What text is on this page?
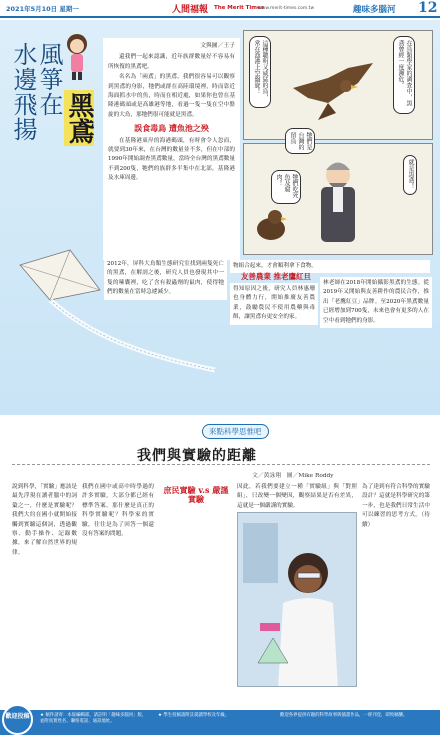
2021年5月10日 星期一	人間福報 The Merit Times
www.merit-times.com.tw	趣味多腦河 12
風箏在
水邊飛揚 黑鳶
文與圖／王子

還我們一起來認識，近年族群數量好不容易有所恢復的黑鳶吧。

名名為「兩鳶」的黑鳶，我們很容易可以觀察到黑鳶的身影，牠們或群在高陸環境裡，時而靠近海面抓水中的魚，時而在相近處，如果你也曾在基隆港碼頭或是高雄港等地，看過一隻一隻在空中盤旋的大鳥，那牠們很可能就是黑鳶。

誤食毒鳥 遭魚池之殃

在基隆港東岸的海港碼頭，有時會令人忽而，就要到30年來，在台灣的數量並不多，但在中部的1990年開始調查黑鳶數量，當時全台灣的黑鳶數量不到200隻，牠們的族群多半集中在北部，基隆港及水庫周邊。

這種聰明又威猛的鳥，常在漁港上空盤旋！
牠們是台灣的留鳥
在鳥類學家的調查中，黑鳶曾經一度瀕危。
牠們吃死魚及腐肉！	就是黑鳶！
2012年，屏科大鳥類生態研究室找到兩隻死亡的黑鳶，在解剖之後，研究人員也發現其中一隻的嗉囊裡，吃了含有殺蟲劑的鼠肉，使得牠們的數量在當時急遽減少。
物組合起來，才會順利拿下食物。
友善農業 推老鷹紅旦
得知原因之後，研究人員林惠珊也身體力行，開始推廣友善農業，鼓勵農民不使用農藥與毒餌，讓黑鳶有更安全的家。
林老師在2018年開始攝影黑鳶的生態。從2019年又開始與友善耕作的農民合作，推出「老鷹紅豆」品牌。至2020年黑鳶數量已經增加到700隻，未來也會有更多的人在空中看到牠們的身影。
來點科學思惟吧
我們與實驗的距離
文／黃詠翔　圖／Mike Roddy
說到科學，「實驗」應該是最先浮現在讀者腦中的詞彙之一，什麼是實驗呢？我們大約在國小就開始接觸到實驗這個詞，透過觀察、動手操作、記錄數據，來了解自然世界的規律。
我們在國中或高中時學過的許多實驗，大部分都已經有標準答案。那什麼是真正的科學實驗呢？科學家的實驗，往往是為了回答一個還沒有答案的問題。
庶民實驗 v.s 嚴謹實驗
因此，若我們要建立一種「實驗組」與「對照組」，只改變一個變因，觀察結果是否有差異，這就是一個嚴謹的實驗。
為了達到有符合科學的實驗設計？這就是科學研究的第一步，也是我們日常生活中可以練習的思考方式。（待續）
歡迎投稿	★ 稿件請寄：本報編輯部，請註明「趣味多腦河」版，並附真實姓名、聯絡電話、通訊地址。
★ 學生投稿請附註就讀學校及年級。	歡迎各界提供有趣的科學故事與插畫作品，一經刊登，即致稿酬。
